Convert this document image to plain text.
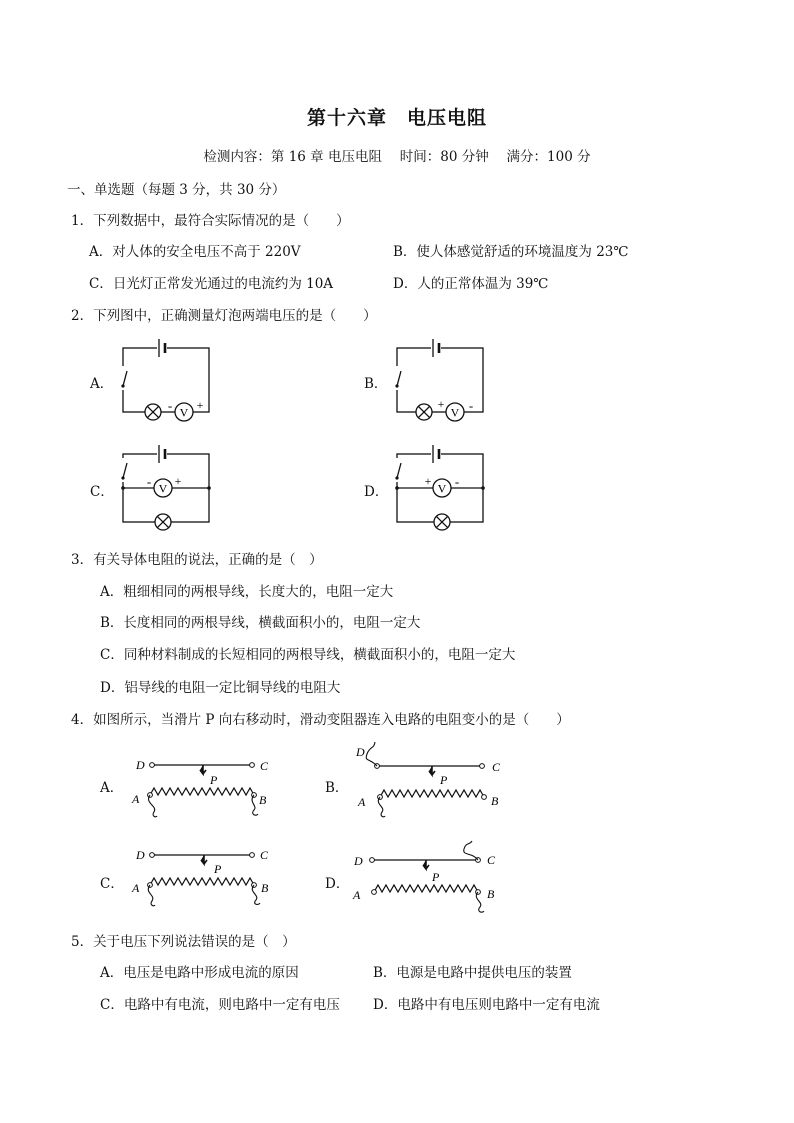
第十六章　电压电阻
检测内容：第 16 章 电压电阻　 时间：80 分钟　 满分：100 分
一、单选题（每题 3 分，共 30 分）
1．下列数据中，最符合实际情况的是（　　）
A．对人体的安全电压不高于 220V	B．使人体感觉舒适的环境温度为 23℃
C．日光灯正常发光通过的电流约为 10A	D．人的正常体温为 39℃
2．下列图中，正确测量灯泡两端电压的是（　　）
A．	B．
C．	D．
V
- +
V
+ -
V
- +
V
+ -
3．有关导体电阻的说法，正确的是（　）
A．粗细相同的两根导线，长度大的，电阻一定大
B．长度相同的两根导线，横截面积小的，电阻一定大
C．同种材料制成的长短相同的两根导线，横截面积小的，电阻一定大
D．铝导线的电阻一定比铜导线的电阻大
4．如图所示，当滑片 P 向右移动时，滑动变阻器连入电路的电阻变小的是（　　）
A．	B．
C．	D．
D	C
A	B
P
D
C
A	B
P
D	C
A	B
P
D	C
A	B
P
5．关于电压下列说法错误的是（　）
A．电压是电路中形成电流的原因	B．电源是电路中提供电压的装置
C．电路中有电流，则电路中一定有电压 D．电路中有电压则电路中一定有电流
